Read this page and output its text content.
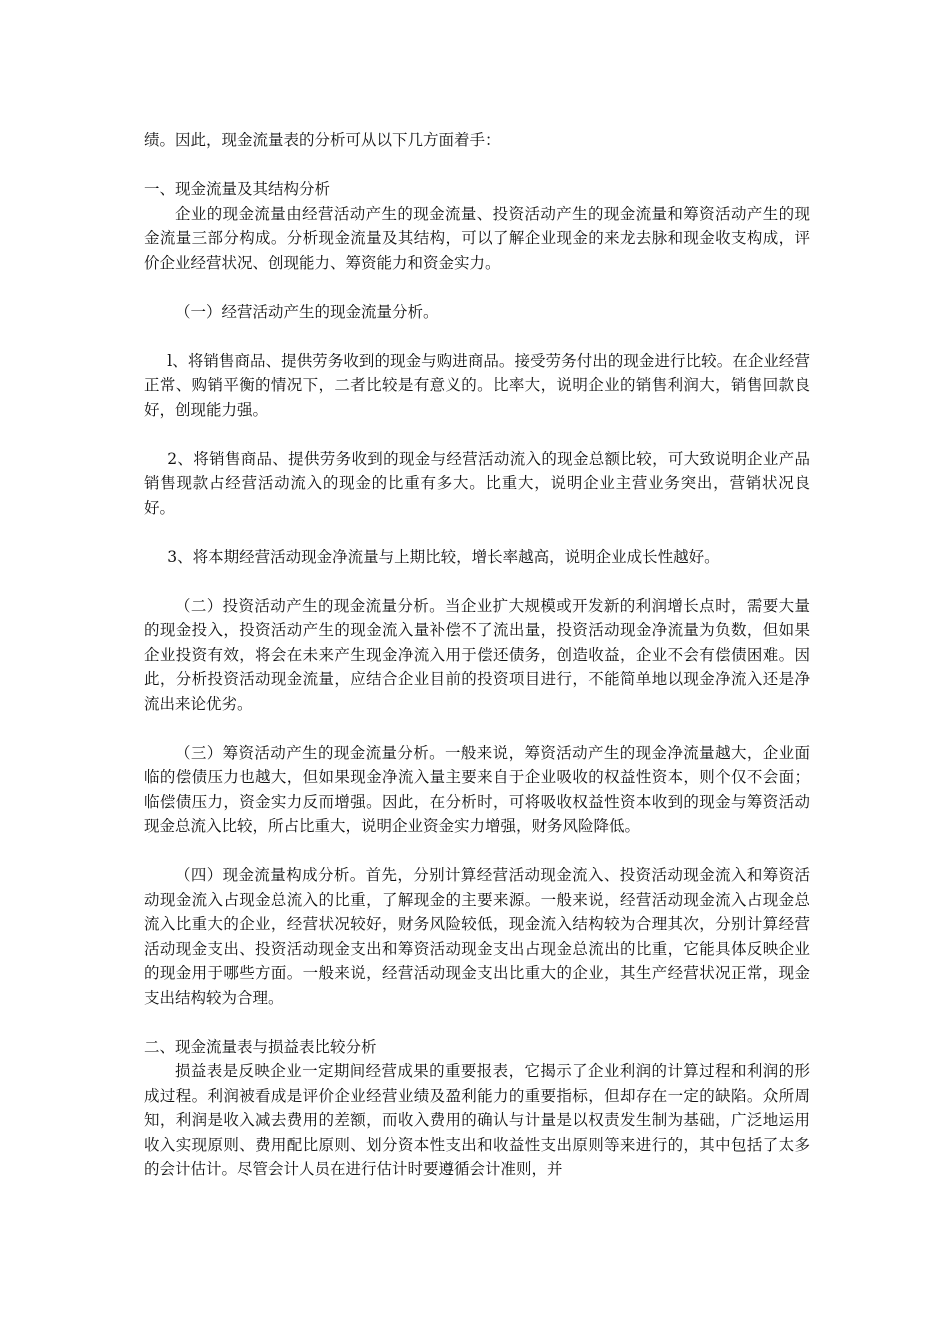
绩。因此，现金流量表的分析可从以下几方面着手：

一、现金流量及其结构分析

企业的现金流量由经营活动产生的现金流量、投资活动产生的现金流量和筹资活动产生的现金流量三部分构成。分析现金流量及其结构，可以了解企业现金的来龙去脉和现金收支构成，评价企业经营状况、创现能力、筹资能力和资金实力。

（一）经营活动产生的现金流量分析。

l、将销售商品、提供劳务收到的现金与购进商品。接受劳务付出的现金进行比较。在企业经营正常、购销平衡的情况下，二者比较是有意义的。比率大，说明企业的销售利润大，销售回款良好，创现能力强。

2、将销售商品、提供劳务收到的现金与经营活动流入的现金总额比较，可大致说明企业产品销售现款占经营活动流入的现金的比重有多大。比重大，说明企业主营业务突出，营销状况良好。

3、将本期经营活动现金净流量与上期比较，增长率越高，说明企业成长性越好。

（二）投资活动产生的现金流量分析。当企业扩大规模或开发新的利润增长点时，需要大量的现金投入，投资活动产生的现金流入量补偿不了流出量，投资活动现金净流量为负数，但如果企业投资有效，将会在未来产生现金净流入用于偿还债务，创造收益，企业不会有偿债困难。因此，分析投资活动现金流量，应结合企业目前的投资项目进行，不能简单地以现金净流入还是净流出来论优劣。

（三）筹资活动产生的现金流量分析。一般来说，筹资活动产生的现金净流量越大，企业面临的偿债压力也越大，但如果现金净流入量主要来自于企业吸收的权益性资本，则个仅不会面；临偿债压力，资金实力反而增强。因此，在分析时，可将吸收权益性资本收到的现金与筹资活动现金总流入比较，所占比重大，说明企业资金实力增强，财务风险降低。

（四）现金流量构成分析。首先，分别计算经营活动现金流入、投资活动现金流入和筹资活动现金流入占现金总流入的比重，了解现金的主要来源。一般来说，经营活动现金流入占现金总流入比重大的企业，经营状况较好，财务风险较低，现金流入结构较为合理其次，分别计算经营活动现金支出、投资活动现金支出和筹资活动现金支出占现金总流出的比重，它能具体反映企业的现金用于哪些方面。一般来说，经营活动现金支出比重大的企业，其生产经营状况正常，现金支出结构较为合理。

二、现金流量表与损益表比较分析

损益表是反映企业一定期间经营成果的重要报表，它揭示了企业利润的计算过程和利润的形成过程。利润被看成是评价企业经营业绩及盈利能力的重要指标，但却存在一定的缺陷。众所周知，利润是收入减去费用的差额，而收入费用的确认与计量是以权责发生制为基础，广泛地运用收入实现原则、费用配比原则、划分资本性支出和收益性支出原则等来进行的，其中包括了太多的会计估计。尽管会计人员在进行估计时要遵循会计准则，并
